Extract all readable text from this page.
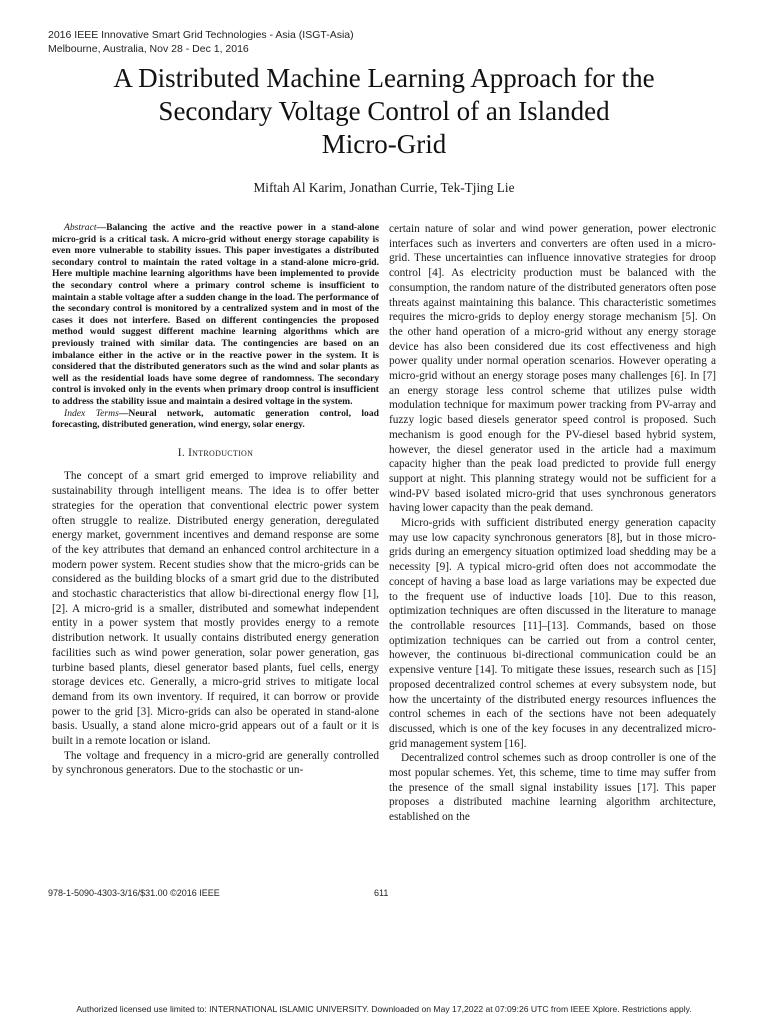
2016 IEEE Innovative Smart Grid Technologies - Asia (ISGT-Asia)
Melbourne, Australia, Nov 28 - Dec 1, 2016
A Distributed Machine Learning Approach for the
Secondary Voltage Control of an Islanded
Micro-Grid
Miftah Al Karim, Jonathan Currie, Tek-Tjing Lie

Abstract—Balancing the active and the reactive power in a stand-alone micro-grid is a critical task. A micro-grid without energy storage capability is even more vulnerable to stability issues. This paper investigates a distributed secondary control to maintain the rated voltage in a stand-alone micro-grid. Here multiple machine learning algorithms have been implemented to provide the secondary control where a primary control scheme is insufficient to maintain a stable voltage after a sudden change in the load. The performance of the secondary control is monitored by a centralized system and in most of the cases it does not interfere. Based on different contingencies the proposed method would suggest different machine learning algorithms which are previously trained with similar data. The contingencies are based on an imbalance either in the active or in the reactive power in the system. It is considered that the distributed generators such as the wind and solar plants as well as the residential loads have some degree of randomness. The secondary control is invoked only in the events when primary droop control is insufficient to address the stability issue and maintain a desired voltage in the system.

Index Terms—Neural network, automatic generation control, load forecasting, distributed generation, wind energy, solar energy.

I. Introduction

The concept of a smart grid emerged to improve reliability and sustainability through intelligent means. The idea is to offer better strategies for the operation that conventional electric power system often struggle to realize. Distributed energy generation, deregulated energy market, government incentives and demand response are some of the key attributes that demand an enhanced control architecture in a modern power system. Recent studies show that the micro-grids can be considered as the building blocks of a smart grid due to the distributed and stochastic characteristics that allow bi-directional energy flow [1], [2]. A micro-grid is a smaller, distributed and somewhat independent entity in a power system that mostly provides energy to a remote distribution network. It usually contains distributed energy generation facilities such as wind power generation, solar power generation, gas turbine based plants, diesel generator based plants, fuel cells, energy storage devices etc. Generally, a micro-grid strives to mitigate local demand from its own inventory. If required, it can borrow or provide power to the grid [3]. Micro-grids can also be operated in stand-alone basis. Usually, a stand alone micro-grid appears out of a fault or it is built in a remote location or island.

The voltage and frequency in a micro-grid are generally controlled by synchronous generators. Due to the stochastic or un-

certain nature of solar and wind power generation, power electronic interfaces such as inverters and converters are often used in a micro-grid. These uncertainties can influence innovative strategies for droop control [4]. As electricity production must be balanced with the consumption, the random nature of the distributed generators often pose threats against maintaining this balance. This characteristic sometimes requires the micro-grids to deploy energy storage mechanism [5]. On the other hand operation of a micro-grid without any energy storage device has also been considered due its cost effectiveness and high power quality under normal operation scenarios. However operating a micro-grid without an energy storage poses many challenges [6]. In [7] an energy storage less control scheme that utilizes pulse width modulation technique for maximum power tracking from PV-array and fuzzy logic based diesels generator speed control is proposed. Such mechanism is good enough for the PV-diesel based hybrid system, however, the diesel generator used in the article had a maximum capacity higher than the peak load predicted to provide full energy support at night. This planning strategy would not be sufficient for a wind-PV based isolated micro-grid that uses synchronous generators having lower capacity than the peak demand.

Micro-grids with sufficient distributed energy generation capacity may use low capacity synchronous generators [8], but in those micro-grids during an emergency situation optimized load shedding may be a necessity [9]. A typical micro-grid often does not accommodate the concept of having a base load as large variations may be expected due to the frequent use of inductive loads [10]. Due to this reason, optimization techniques are often discussed in the literature to manage the controllable resources [11]–[13]. Commands, based on those optimization techniques can be carried out from a control center, however, the continuous bi-directional communication could be an expensive venture [14]. To mitigate these issues, research such as [15] proposed decentralized control schemes at every subsystem node, but how the uncertainty of the distributed energy resources influences the control schemes in each of the sections have not been adequately discussed, which is one of the key focuses in any decentralized micro-grid management system [16].

Decentralized control schemes such as droop controller is one of the most popular schemes. Yet, this scheme, time to time may suffer from the presence of the small signal instability issues [17]. This paper proposes a distributed machine learning algorithm architecture, established on the

978-1-5090-4303-3/16/$31.00 ©2016 IEEE	611
Authorized licensed use limited to: INTERNATIONAL ISLAMIC UNIVERSITY. Downloaded on May 17,2022 at 07:09:26 UTC from IEEE Xplore. Restrictions apply.
